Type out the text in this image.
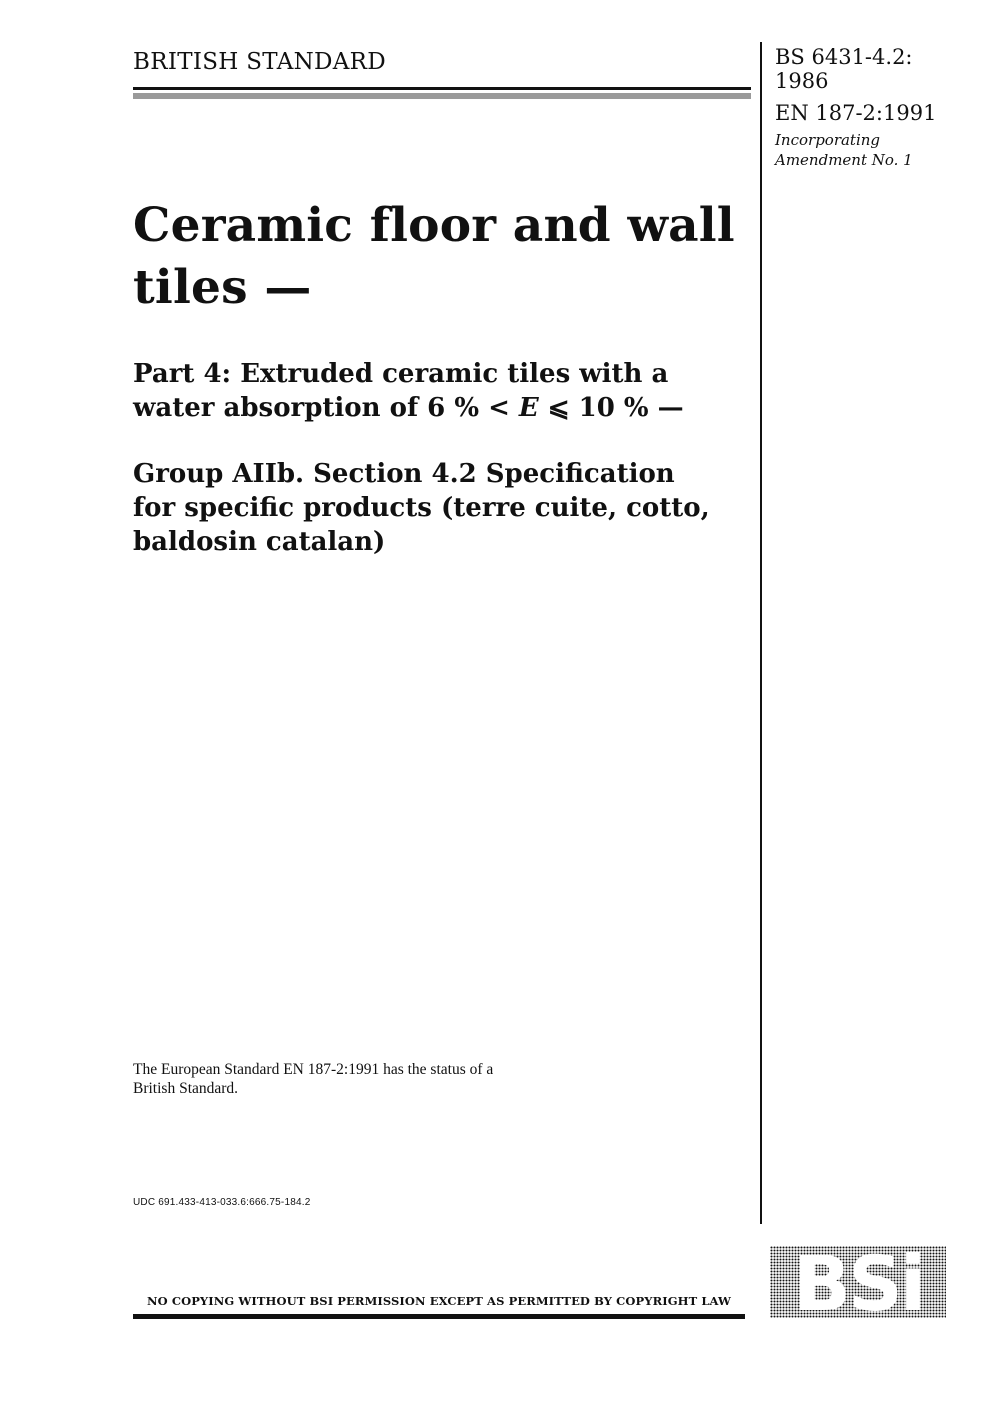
BRITISH STANDARD	BS 6431-4.2:
1986

EN 187-2:1991

Incorporating
Amendment No. 1
Ceramic floor and wall
tiles —
Part 4: Extruded ceramic tiles with a
water absorption of 6 % < E ⩽ 10 % —
Group AIIb. Section 4.2 Specification
for specific products (terre cuite, cotto,
baldosin catalan)
The European Standard EN 187-2:1991 has the status of a
British Standard.
UDC 691.433-413-033.6:666.75-184.2
NO COPYING WITHOUT BSI PERMISSION EXCEPT AS PERMITTED BY COPYRIGHT LAW BSi
